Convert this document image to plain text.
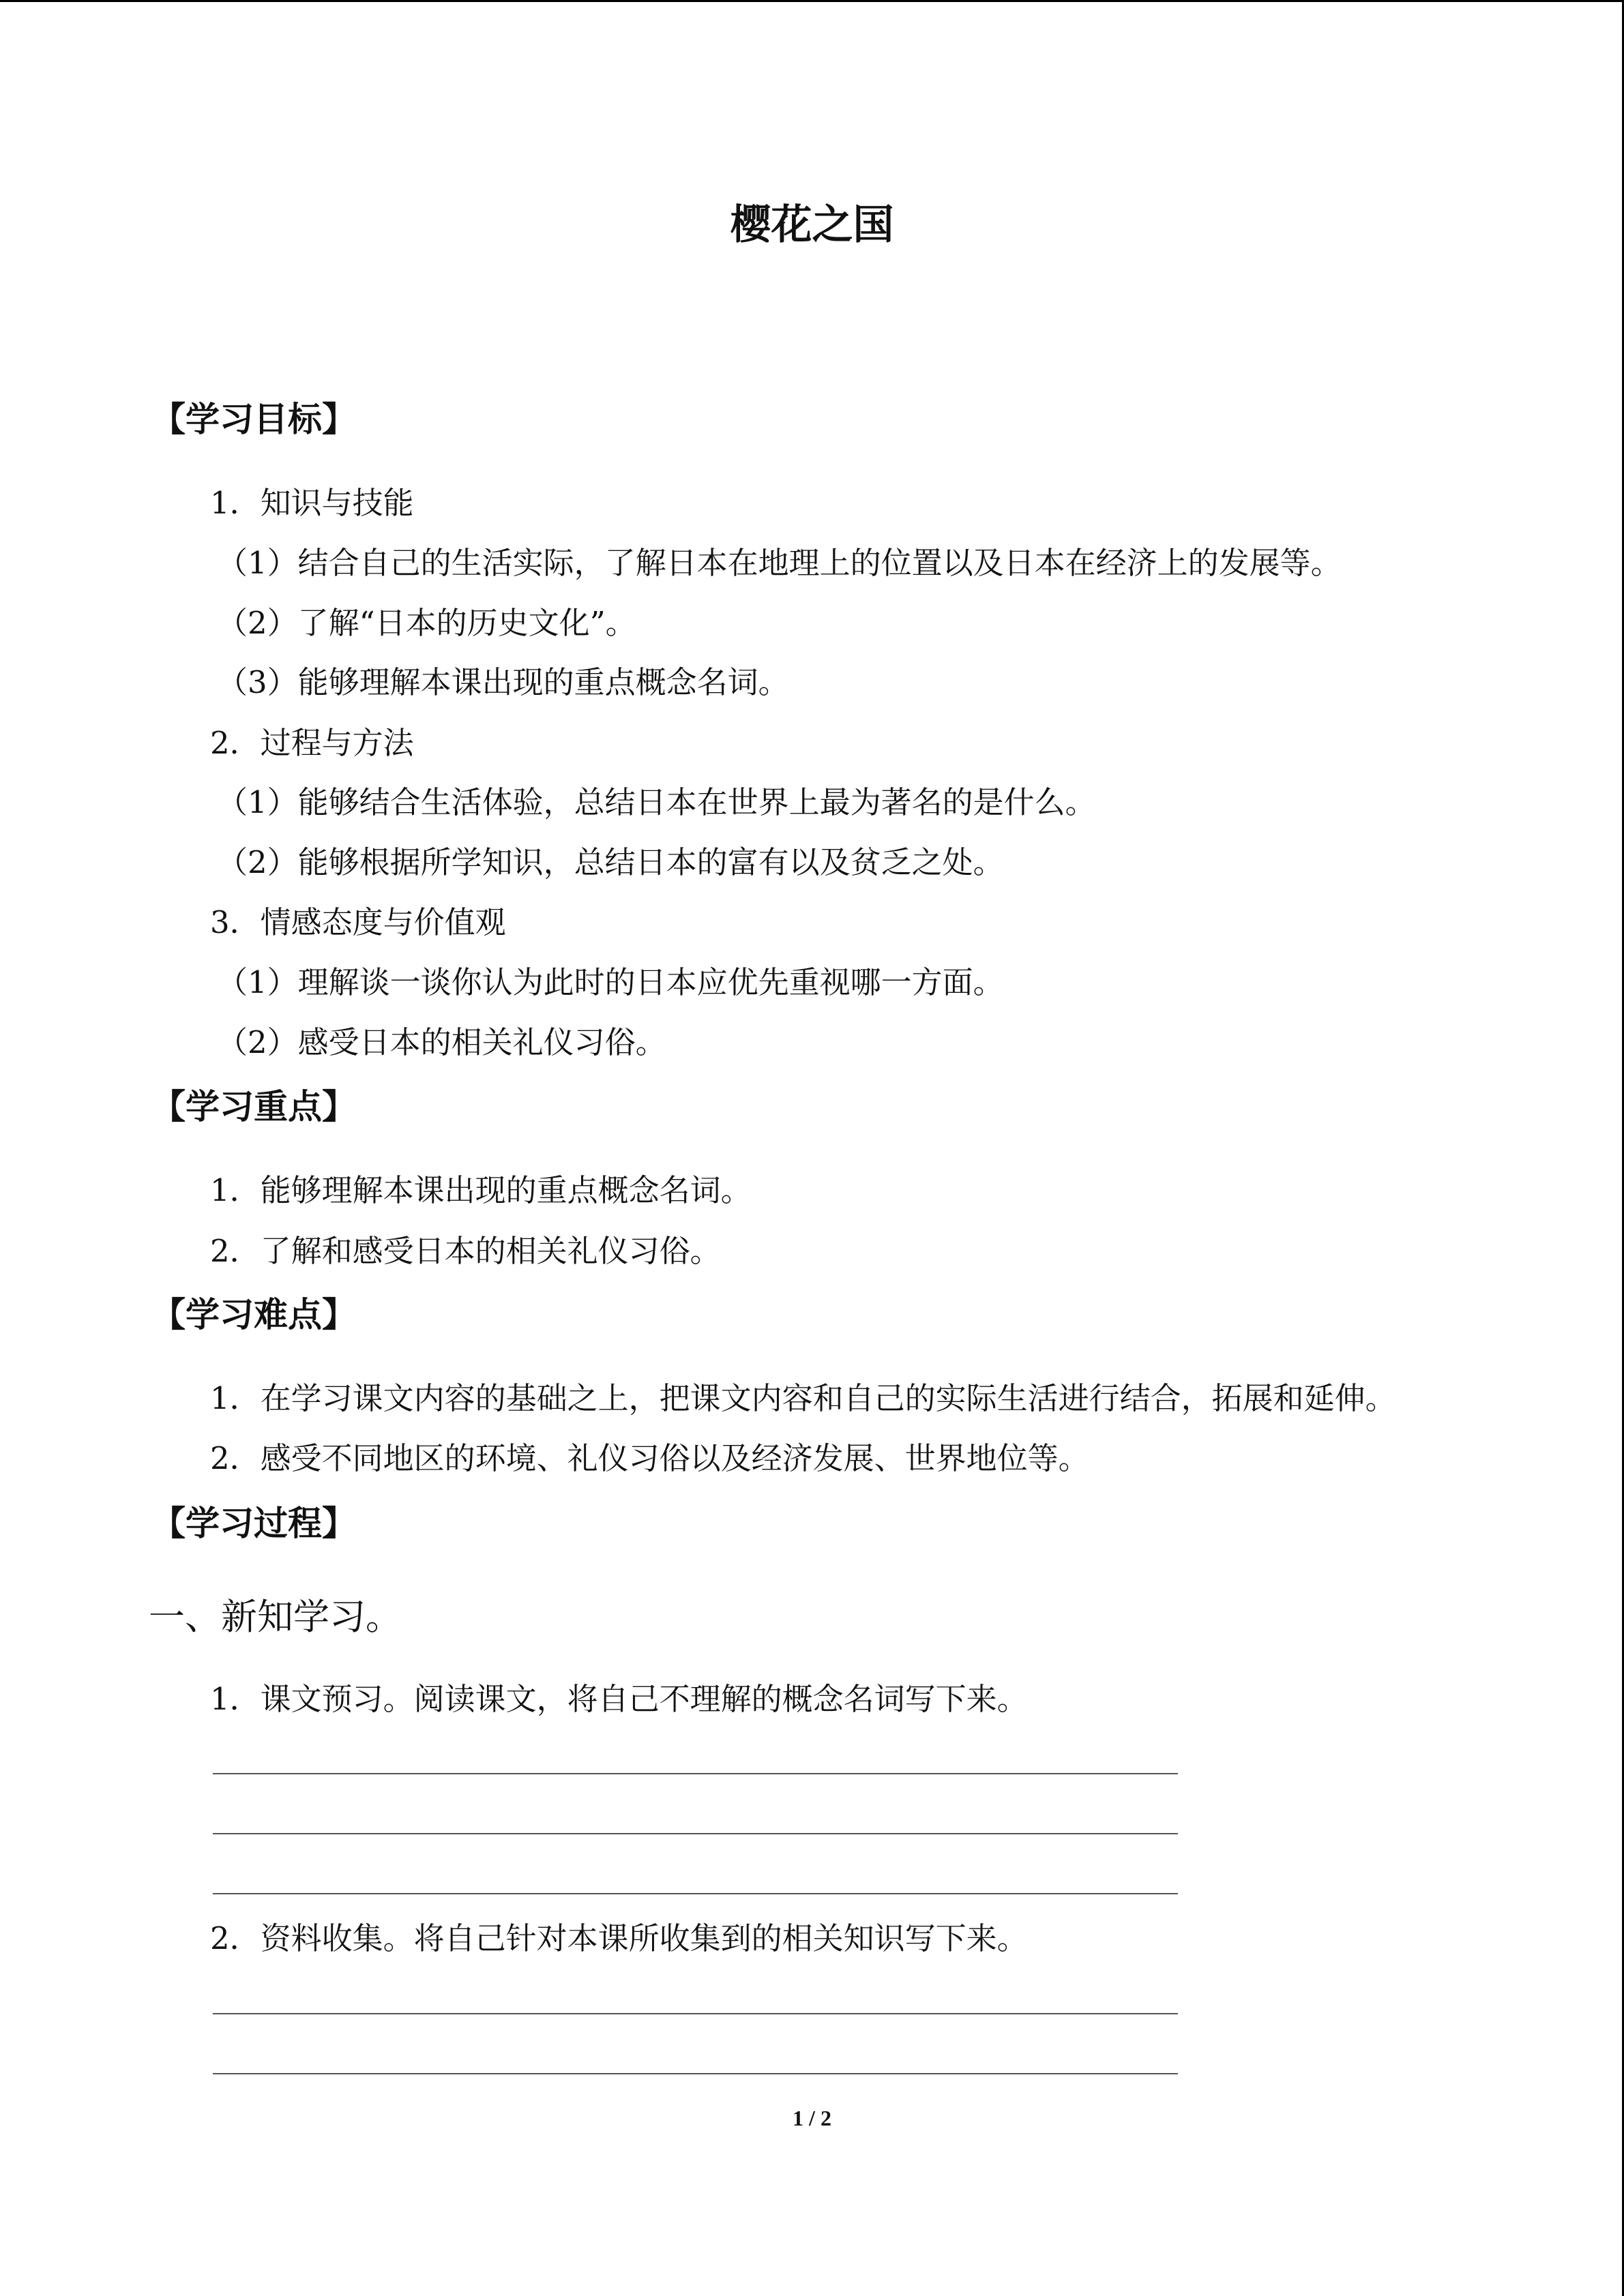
樱花之国
【学习目标】
1．知识与技能
（1）结合自己的生活实际，了解日本在地理上的位置以及日本在经济上的发展等。
（2）了解“日本的历史文化”。
（3）能够理解本课出现的重点概念名词。
2．过程与方法
（1）能够结合生活体验，总结日本在世界上最为著名的是什么。
（2）能够根据所学知识，总结日本的富有以及贫乏之处。
3．情感态度与价值观
（1）理解谈一谈你认为此时的日本应优先重视哪一方面。
（2）感受日本的相关礼仪习俗。
【学习重点】
1．能够理解本课出现的重点概念名词。
2．了解和感受日本的相关礼仪习俗。
【学习难点】
1．在学习课文内容的基础之上，把课文内容和自己的实际生活进行结合，拓展和延伸。
2．感受不同地区的环境、礼仪习俗以及经济发展、世界地位等。
【学习过程】
一、新知学习。
1．课文预习。阅读课文，将自己不理解的概念名词写下来。
2．资料收集。将自己针对本课所收集到的相关知识写下来。
1 / 2
